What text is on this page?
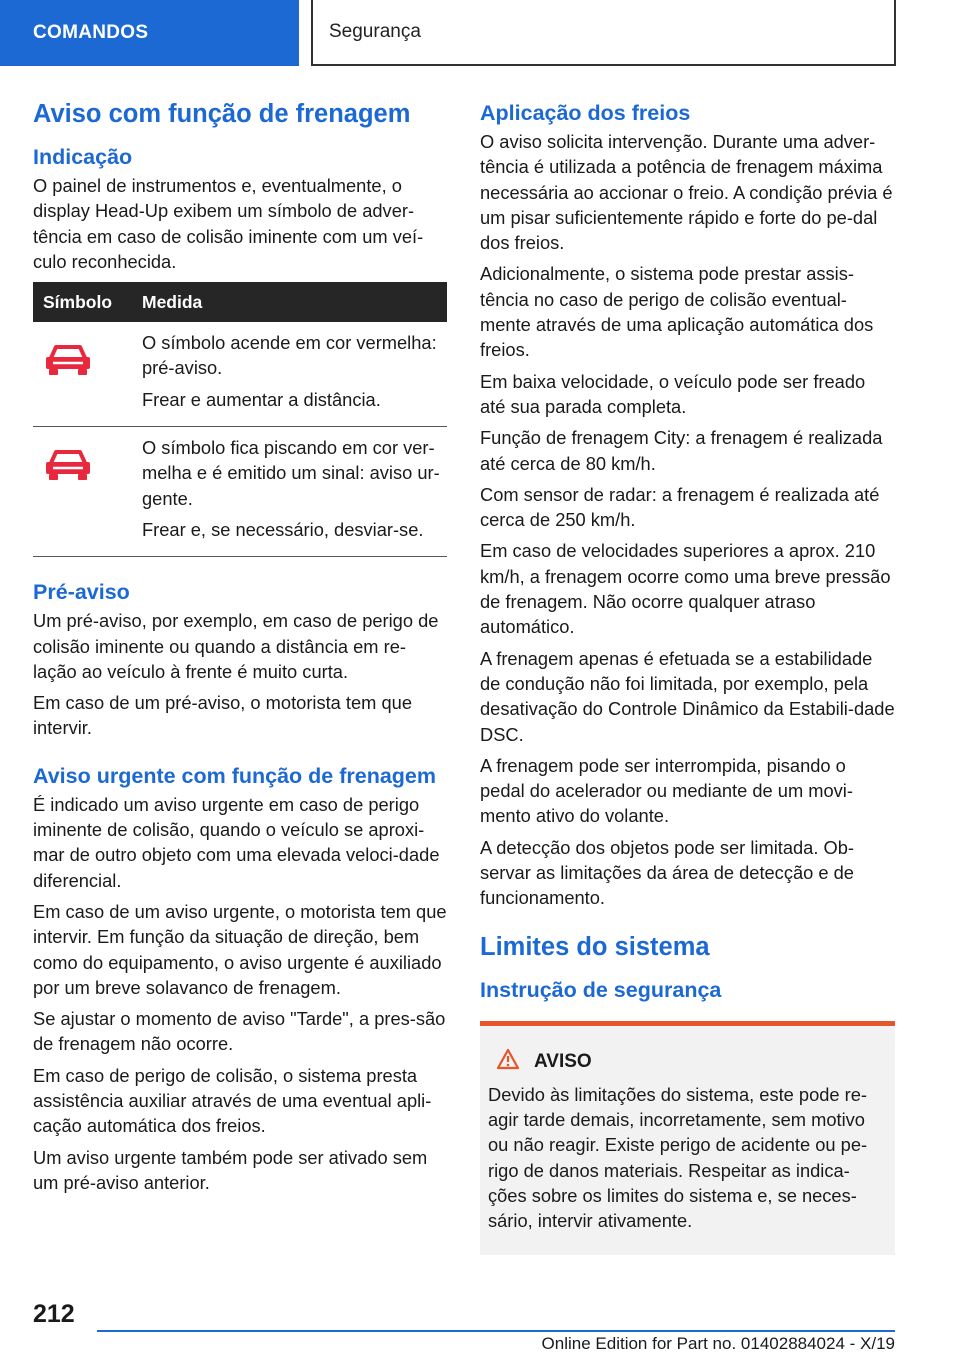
COMANDOS	Segurança
Aviso com função de frenagem
Indicação
O painel de instrumentos e, eventualmente, o display Head-Up exibem um símbolo de adver-tência em caso de colisão iminente com um veí-culo reconhecida.
Símbolo	Medida

O símbolo acende em cor vermelha: pré-aviso.
Frear e aumentar a distância.

O símbolo fica piscando em cor ver-melha e é emitido um sinal: aviso ur-gente.
Frear e, se necessário, desviar-se.
Pré-aviso
Um pré-aviso, por exemplo, em caso de perigo de colisão iminente ou quando a distância em re-lação ao veículo à frente é muito curta.
Em caso de um pré-aviso, o motorista tem que intervir.
Aviso urgente com função de frenagem
É indicado um aviso urgente em caso de perigo iminente de colisão, quando o veículo se aproxi-mar de outro objeto com uma elevada veloci-dade diferencial.
Em caso de um aviso urgente, o motorista tem que intervir. Em função da situação de direção, bem como do equipamento, o aviso urgente é auxiliado por um breve solavanco de frenagem.
Se ajustar o momento de aviso "Tarde", a pres-são de frenagem não ocorre.
Em caso de perigo de colisão, o sistema presta assistência auxiliar através de uma eventual apli-cação automática dos freios.
Um aviso urgente também pode ser ativado sem um pré-aviso anterior.
Aplicação dos freios
O aviso solicita intervenção. Durante uma adver-tência é utilizada a potência de frenagem máxima necessária ao accionar o freio. A condição prévia é um pisar suficientemente rápido e forte do pe-dal dos freios.
Adicionalmente, o sistema pode prestar assis-tência no caso de perigo de colisão eventual-mente através de uma aplicação automática dos freios.
Em baixa velocidade, o veículo pode ser freado até sua parada completa.
Função de frenagem City: a frenagem é realizada até cerca de 80 km/h.
Com sensor de radar: a frenagem é realizada até cerca de 250 km/h.
Em caso de velocidades superiores a aprox. 210 km/h, a frenagem ocorre como uma breve pressão de frenagem. Não ocorre qualquer atraso automático.
A frenagem apenas é efetuada se a estabilidade de condução não foi limitada, por exemplo, pela desativação do Controle Dinâmico da Estabili-dade DSC.
A frenagem pode ser interrompida, pisando o pedal do acelerador ou mediante de um movi-mento ativo do volante.
A detecção dos objetos pode ser limitada. Ob-servar as limitações da área de detecção e de funcionamento.
Limites do sistema
Instrução de segurança
AVISO
Devido às limitações do sistema, este pode re-agir tarde demais, incorretamente, sem motivo ou não reagir. Existe perigo de acidente ou pe-rigo de danos materiais. Respeitar as indica-ções sobre os limites do sistema e, se neces-sário, intervir ativamente.
212
Online Edition for Part no. 01402884024 - X/19
